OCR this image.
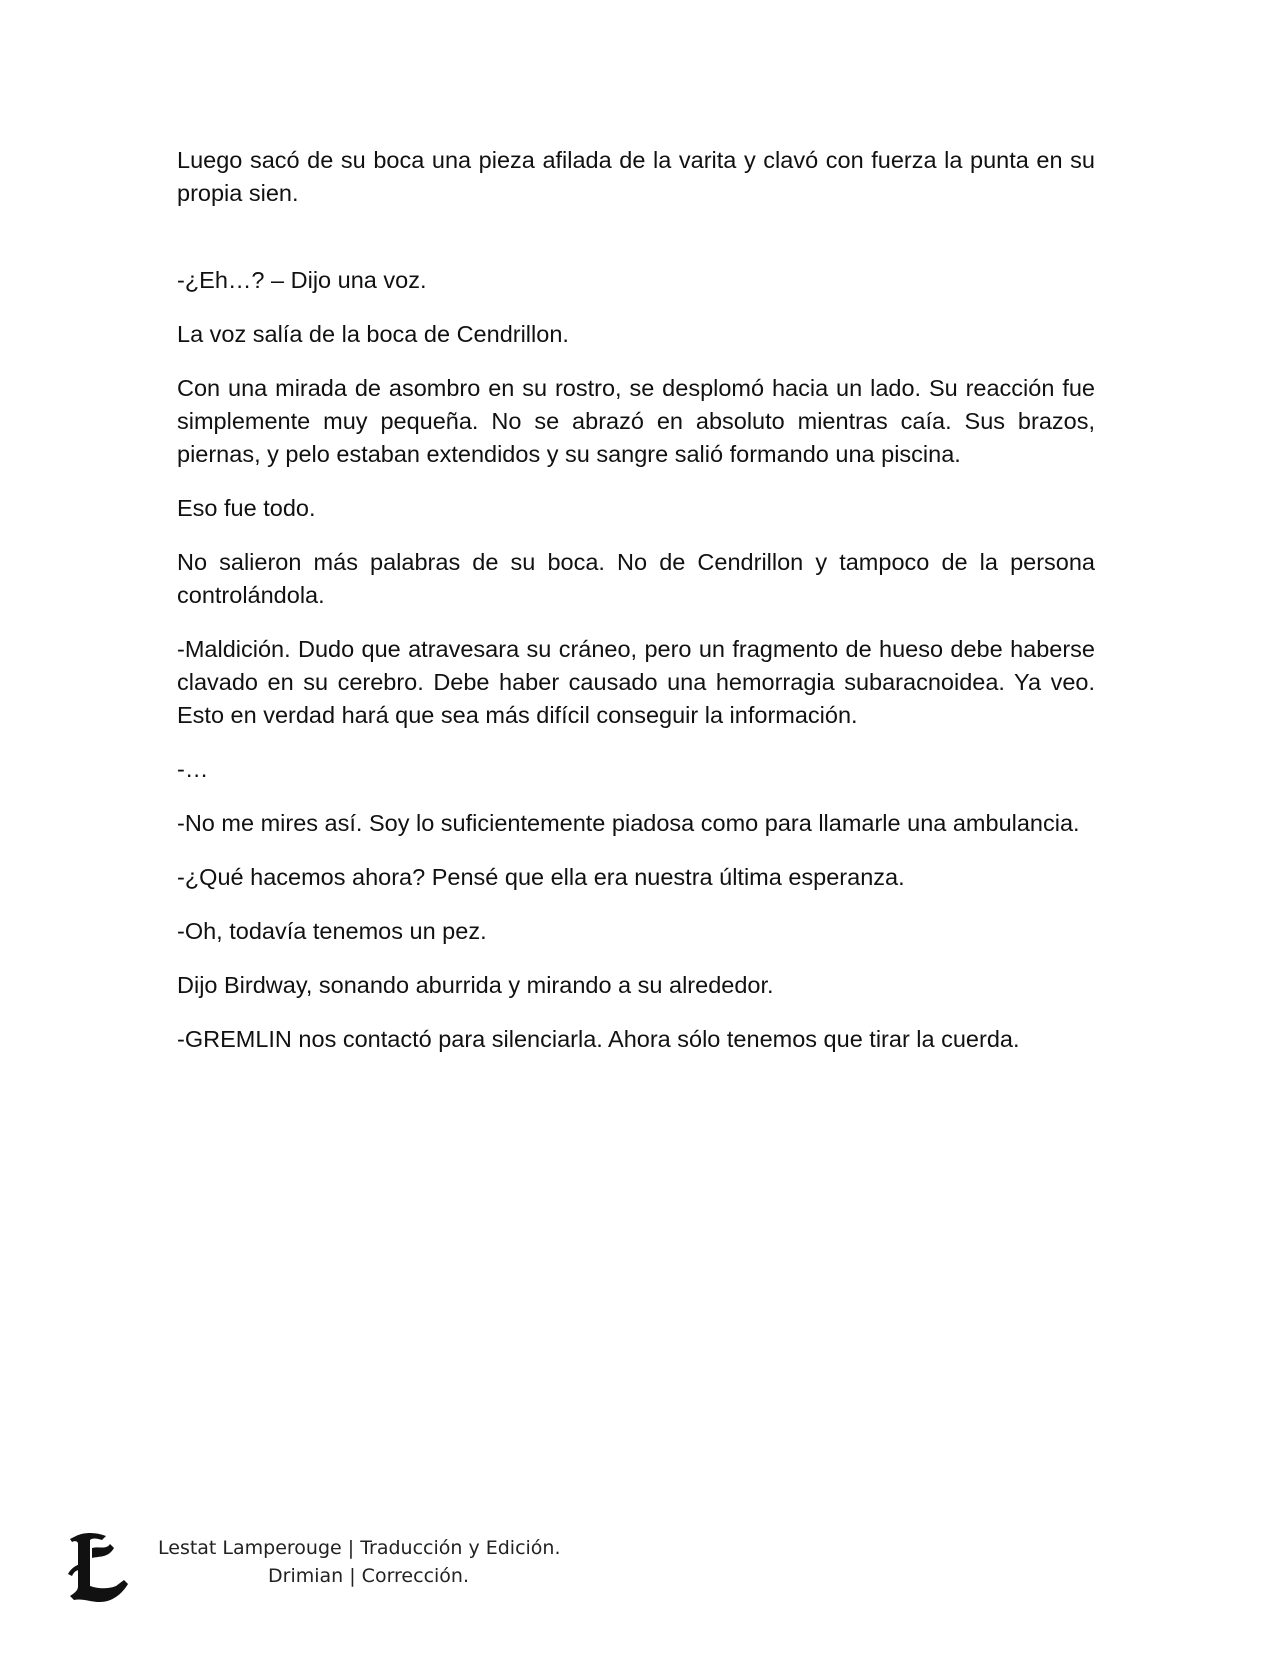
Luego sacó de su boca una pieza afilada de la varita y clavó con fuerza la punta en su propia sien.

-¿Eh…? – Dijo una voz.

La voz salía de la boca de Cendrillon.

Con una mirada de asombro en su rostro, se desplomó hacia un lado. Su reacción fue simplemente muy pequeña. No se abrazó en absoluto mientras caía. Sus brazos, piernas, y pelo estaban extendidos y su sangre salió formando una piscina.

Eso fue todo.

No salieron más palabras de su boca. No de Cendrillon y tampoco de la persona controlándola.

-Maldición. Dudo que atravesara su cráneo, pero un fragmento de hueso debe haberse clavado en su cerebro. Debe haber causado una hemorragia subaracnoidea. Ya veo. Esto en verdad hará que sea más difícil conseguir la información.

-…

-No me mires así. Soy lo suficientemente piadosa como para llamarle una ambulancia.

-¿Qué hacemos ahora? Pensé que ella era nuestra última esperanza.

-Oh, todavía tenemos un pez.

Dijo Birdway, sonando aburrida y mirando a su alrededor.

-GREMLIN nos contactó para silenciarla. Ahora sólo tenemos que tirar la cuerda.

Lestat Lamperouge | Traducción y Edición.
Drimian | Corrección.
